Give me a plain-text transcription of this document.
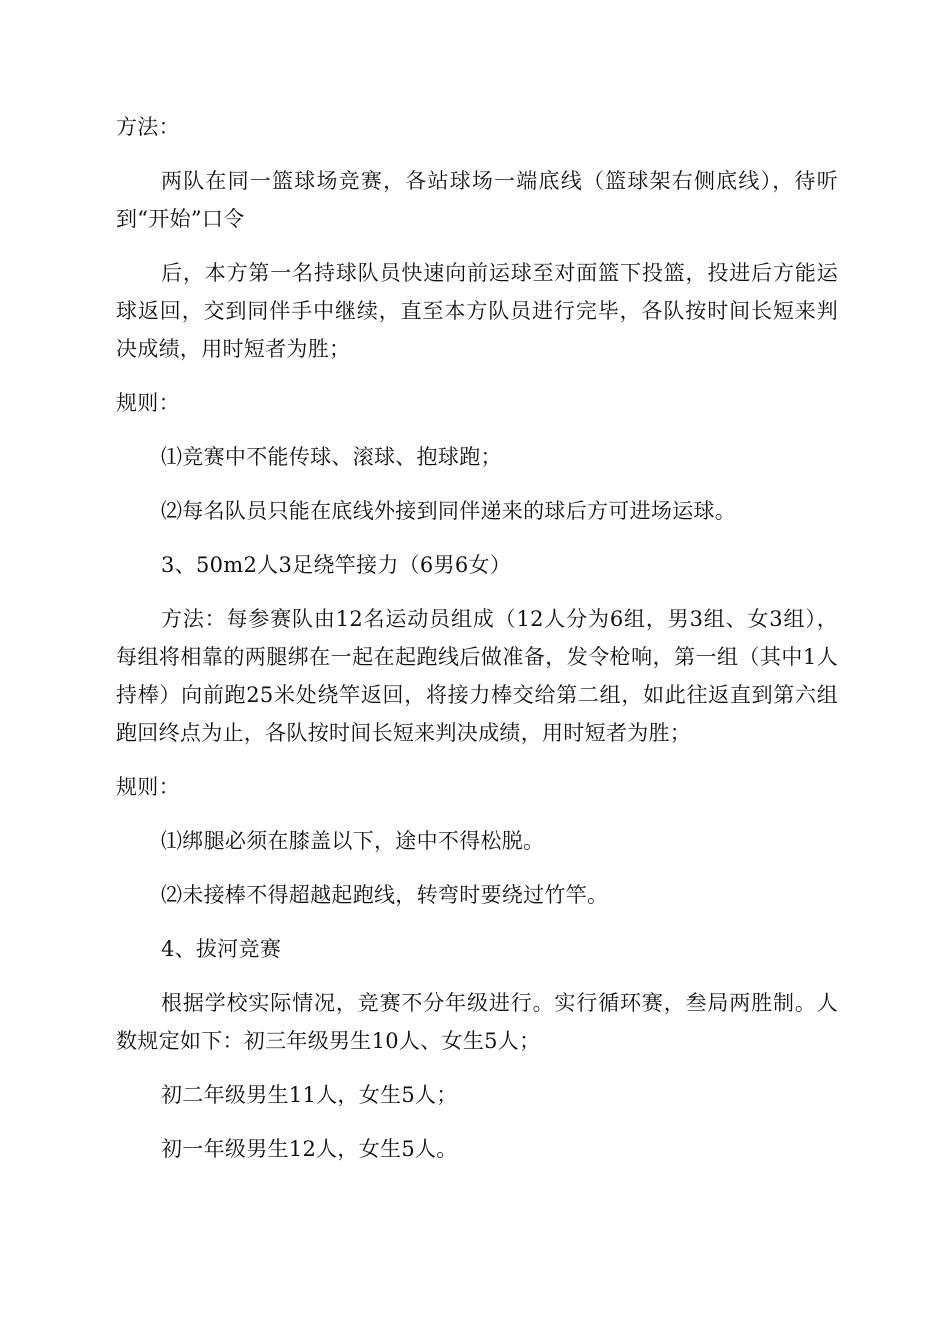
方法：

两队在同一篮球场竞赛，各站球场一端底线（篮球架右侧底线），待听到“开始”口令

后，本方第一名持球队员快速向前运球至对面篮下投篮，投进后方能运球返回，交到同伴手中继续，直至本方队员进行完毕，各队按时间长短来判决成绩，用时短者为胜；

规则：

⑴竞赛中不能传球、滚球、抱球跑；

⑵每名队员只能在底线外接到同伴递来的球后方可进场运球。

3、50m2人3足绕竿接力（6男6女）

方法：每参赛队由12名运动员组成（12人分为6组，男3组、女3组），每组将相靠的两腿绑在一起在起跑线后做准备，发令枪响，第一组（其中1人持棒）向前跑25米处绕竿返回，将接力棒交给第二组，如此往返直到第六组跑回终点为止，各队按时间长短来判决成绩，用时短者为胜；

规则：

⑴绑腿必须在膝盖以下，途中不得松脱。

⑵未接棒不得超越起跑线，转弯时要绕过竹竿。

4、拔河竞赛

根据学校实际情况，竞赛不分年级进行。实行循环赛，叁局两胜制。人数规定如下：初三年级男生10人、女生5人；

初二年级男生11人，女生5人；

初一年级男生12人，女生5人。
